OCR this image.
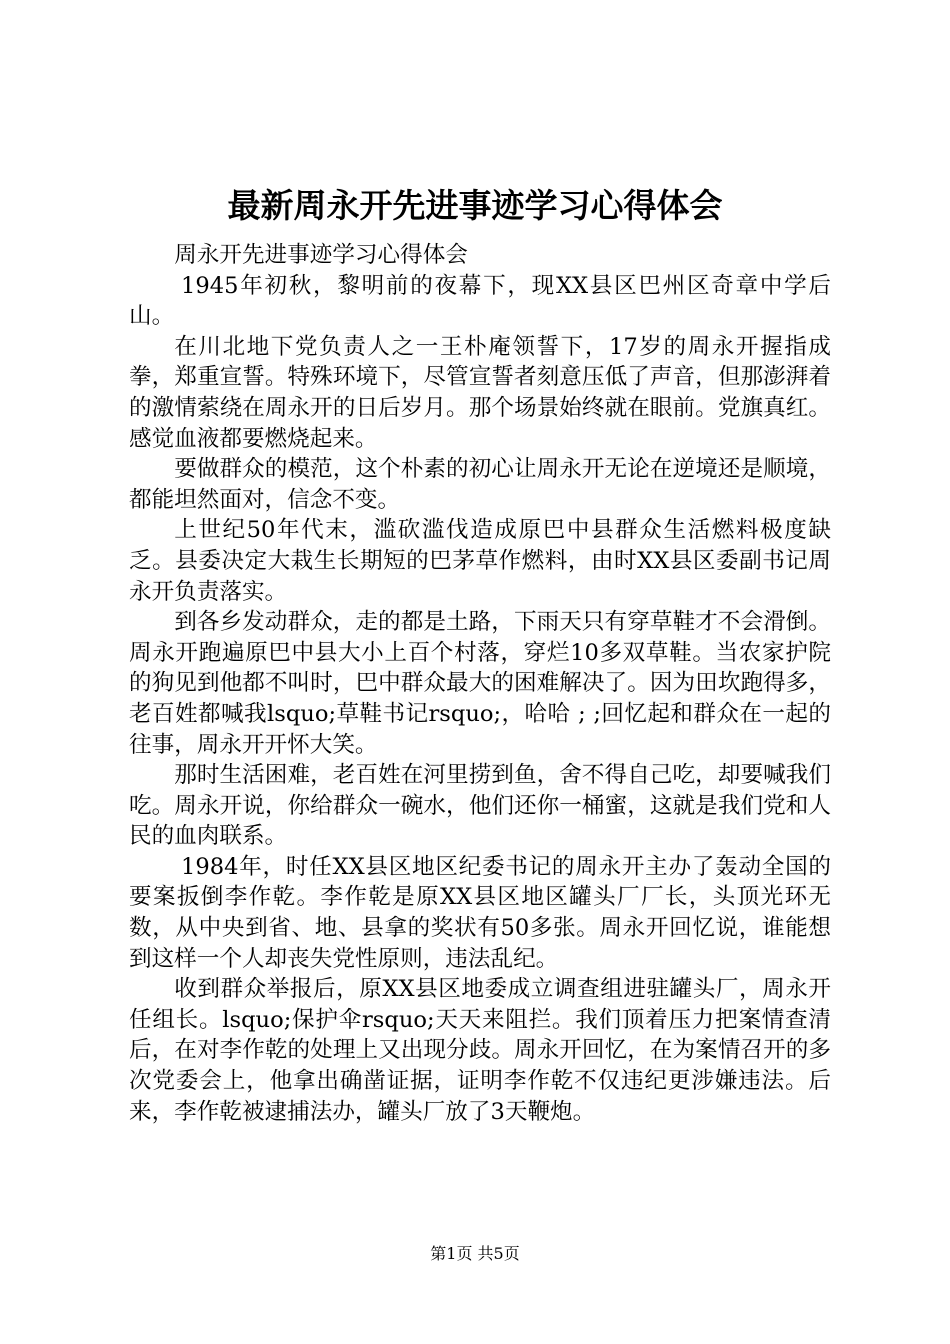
最新周永开先进事迹学习心得体会

周永开先进事迹学习心得体会

1945年初秋，黎明前的夜幕下，现XX县区巴州区奇章中学后山。

在川北地下党负责人之一王朴庵领誓下，17岁的周永开握指成拳，郑重宣誓。特殊环境下，尽管宣誓者刻意压低了声音，但那澎湃着的激情萦绕在周永开的日后岁月。那个场景始终就在眼前。党旗真红。感觉血液都要燃烧起来。

要做群众的模范，这个朴素的初心让周永开无论在逆境还是顺境，都能坦然面对，信念不变。

上世纪50年代末，滥砍滥伐造成原巴中县群众生活燃料极度缺乏。县委决定大栽生长期短的巴茅草作燃料，由时XX县区委副书记周永开负责落实。

到各乡发动群众，走的都是土路，下雨天只有穿草鞋才不会滑倒。周永开跑遍原巴中县大小上百个村落，穿烂10多双草鞋。当农家护院的狗见到他都不叫时，巴中群众最大的困难解决了。因为田坎跑得多，老百姓都喊我lsquo;草鞋书记rsquo;，哈哈 ; ;回忆起和群众在一起的往事，周永开开怀大笑。

那时生活困难，老百姓在河里捞到鱼，舍不得自己吃，却要喊我们吃。周永开说，你给群众一碗水，他们还你一桶蜜，这就是我们党和人民的血肉联系。

1984年，时任XX县区地区纪委书记的周永开主办了轰动全国的要案扳倒李作乾。李作乾是原XX县区地区罐头厂厂长，头顶光环无数，从中央到省、地、县拿的奖状有50多张。周永开回忆说，谁能想到这样一个人却丧失党性原则，违法乱纪。

收到群众举报后，原XX县区地委成立调查组进驻罐头厂，周永开任组长。lsquo;保护伞rsquo;天天来阻拦。我们顶着压力把案情查清后，在对李作乾的处理上又出现分歧。周永开回忆，在为案情召开的多次党委会上，他拿出确凿证据，证明李作乾不仅违纪更涉嫌违法。后来，李作乾被逮捕法办，罐头厂放了3天鞭炮。

第1页 共5页
